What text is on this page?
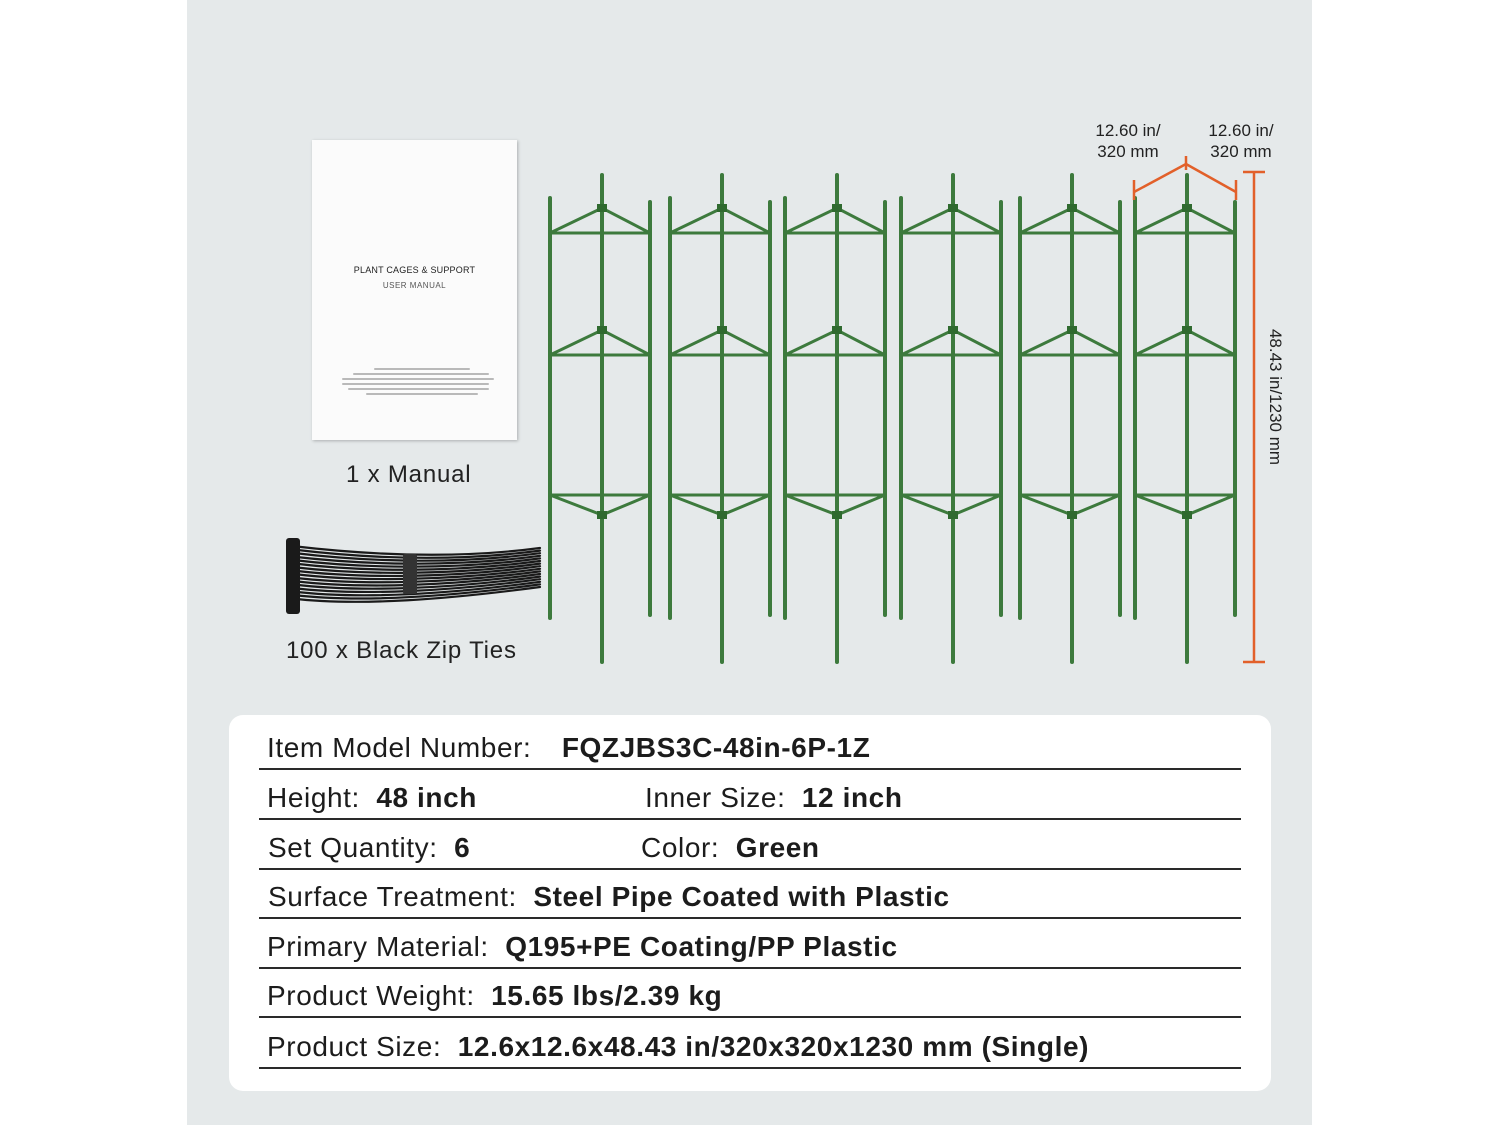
PLANT CAGES & SUPPORT
USER MANUAL
1 x Manual
100 x Black Zip Ties
12.60 in/
320 mm
12.60 in/
320 mm
48.43 in/1230 mm
Item Model Number: FQZJBS3C-48in-6P-1Z
Height: 48 inch	Inner Size: 12 inch
Set Quantity: 6	Color: Green
Surface Treatment: Steel Pipe Coated with Plastic
Primary Material: Q195+PE Coating/PP Plastic
Product Weight: 15.65 lbs/2.39 kg
Product Size: 12.6x12.6x48.43 in/320x320x1230 mm (Single)
